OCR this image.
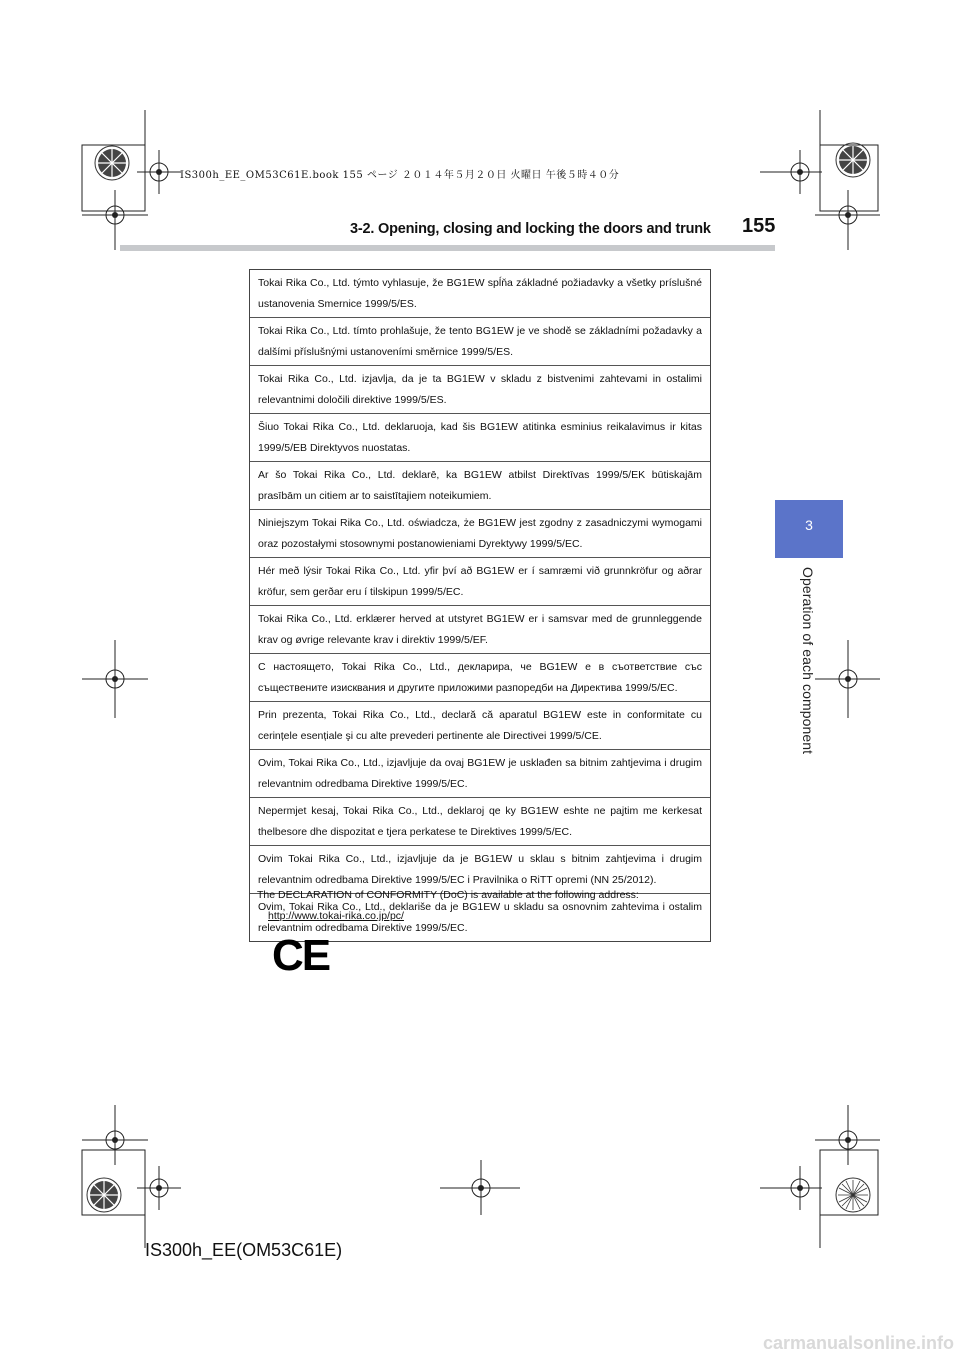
IS300h_EE_OM53C61E.book 155 ページ ２０１４年５月２０日 火曜日 午後５時４０分
3-2. Opening, closing and locking the doors and trunk 155
3
Operation of each component
Tokai Rika Co., Ltd. týmto vyhlasuje, že BG1EW spĺňa základné požiadavky a všetky príslušné ustanovenia Smernice 1999/5/ES.
Tokai Rika Co., Ltd. tímto prohlašuje, že tento BG1EW je ve shodě se základními požadavky a dalšími příslušnými ustanoveními směrnice 1999/5/ES.
Tokai Rika Co., Ltd. izjavlja, da je ta BG1EW v skladu z bistvenimi zahtevami in ostalimi relevantnimi določili direktive 1999/5/ES.
Šiuo Tokai Rika Co., Ltd. deklaruoja, kad šis BG1EW atitinka esminius reikalavimus ir kitas 1999/5/EB Direktyvos nuostatas.
Ar šo Tokai Rika Co., Ltd. deklarē, ka BG1EW atbilst Direktīvas 1999/5/EK būtiskajām prasībām un citiem ar to saistītajiem noteikumiem.
Niniejszym Tokai Rika Co., Ltd. oświadcza, że BG1EW jest zgodny z zasadniczymi wymogami oraz pozostałymi stosownymi postanowieniami Dyrektywy 1999/5/EC.
Hér með lýsir Tokai Rika Co., Ltd. yfir því að BG1EW er í samræmi við grunnkröfur og aðrar kröfur, sem gerðar eru í tilskipun 1999/5/EC.
Tokai Rika Co., Ltd. erklærer herved at utstyret BG1EW er i samsvar med de grunnleggende krav og øvrige relevante krav i direktiv 1999/5/EF.
С настоящето, Tokai Rika Co., Ltd., декларира, че BG1EW е в съответствие със съществените изисквания и другите приложими разпоредби на Директива 1999/5/EC.
Prin prezenta, Tokai Rika Co., Ltd., declară că aparatul BG1EW este in conformitate cu cerințele esențiale şi cu alte prevederi pertinente ale Directivei 1999/5/CE.
Ovim, Tokai Rika Co., Ltd., izjavljuje da ovaj BG1EW je usklađen sa bitnim zahtjevima i drugim relevantnim odredbama Direktive 1999/5/EC.
Nepermjet kesaj, Tokai Rika Co., Ltd., deklaroj qe ky BG1EW eshte ne pajtim me kerkesat thelbesore dhe dispozitat e tjera perkatese te Direktives 1999/5/EC.
Ovim Tokai Rika Co., Ltd., izjavljuje da je BG1EW u sklau s bitnim zahtjevima i drugim relevantnim odredbama Direktive 1999/5/EC i Pravilnika o RiTT opremi (NN 25/2012).
Ovim, Tokai Rika Co., Ltd., deklariše da je BG1EW u skladu sa osnovnim zahtevima i ostalim relevantnim odredbama Direktive 1999/5/EC.
The DECLARATION of CONFORMITY (DoC) is available at the following address:
http://www.tokai-rika.co.jp/pc/
CE
IS300h_EE(OM53C61E)
carmanualsonline.info
